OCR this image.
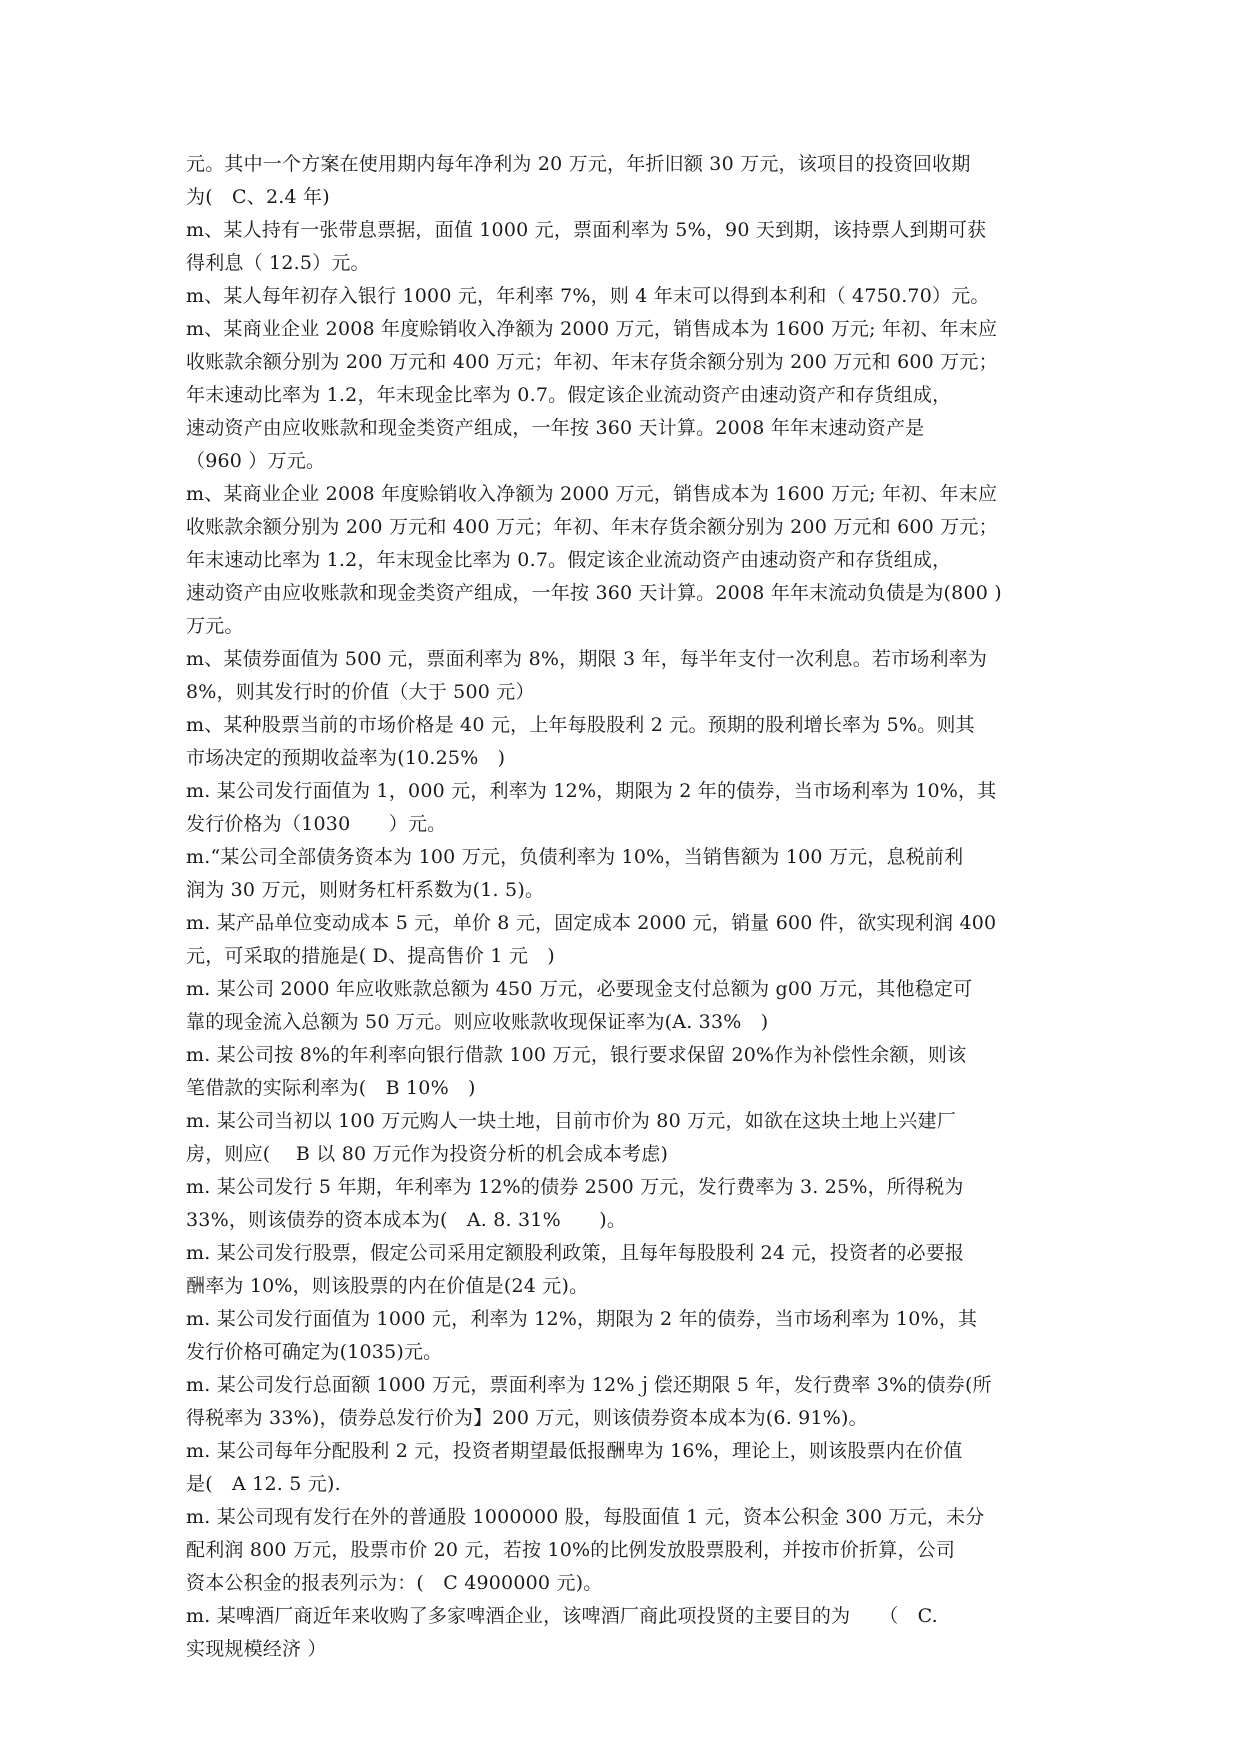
元。其中一个方案在使用期内每年净利为 20 万元，年折旧额 30 万元，该项目的投资回收期
为(　C、2.4 年)
m、某人持有一张带息票据，面值 1000 元，票面利率为 5%，90 天到期，该持票人到期可获
得利息（ 12.5）元。
m、某人每年初存入银行 1000 元，年利率 7%，则 4 年末可以得到本利和（ 4750.70）元。
m、某商业企业 2008 年度赊销收入净额为 2000 万元，销售成本为 1600 万元; 年初、年末应
收账款余额分别为 200 万元和 400 万元；年初、年末存货余额分别为 200 万元和 600 万元；
年末速动比率为 1.2，年末现金比率为 0.7。假定该企业流动资产由速动资产和存货组成，
速动资产由应收账款和现金类资产组成，一年按 360 天计算。2008 年年末速动资产是
（960 ）万元。
m、某商业企业 2008 年度赊销收入净额为 2000 万元，销售成本为 1600 万元; 年初、年末应
收账款余额分别为 200 万元和 400 万元；年初、年末存货余额分别为 200 万元和 600 万元；
年末速动比率为 1.2，年末现金比率为 0.7。假定该企业流动资产由速动资产和存货组成，
速动资产由应收账款和现金类资产组成，一年按 360 天计算。2008 年年末流动负债是为(800 )
万元。
m、某债券面值为 500 元，票面利率为 8%，期限 3 年，每半年支付一次利息。若市场利率为
8%，则其发行时的价值（大于 500 元）
m、某种股票当前的市场价格是 40 元，上年每股股利 2 元。预期的股利增长率为 5%。则其
市场决定的预期收益率为(10.25%　)
m. 某公司发行面值为 1，000 元，利率为 12%，期限为 2 年的债券，当市场利率为 10%，其
发行价格为（1030　　）元。
m.“某公司全部债务资本为 100 万元，负债利率为 10%，当销售额为 100 万元，息税前利
润为 30 万元，则财务杠杆系数为(1. 5)。
m. 某产品单位变动成本 5 元，单价 8 元，固定成本 2000 元，销量 600 件，欲实现利润 400
元，可采取的措施是( D、提高售价 1 元　)
m. 某公司 2000 年应收账款总额为 450 万元，必要现金支付总额为 g00 万元，其他稳定可
靠的现金流入总额为 50 万元。则应收账款收现保证率为(A. 33%　)
m. 某公司按 8%的年利率向银行借款 100 万元，银行要求保留 20%作为补偿性余额，则该
笔借款的实际利率为(　B 10%　)
m. 某公司当初以 100 万元购人一块土地，目前市价为 80 万元，如欲在这块土地上兴建厂
房，则应(　 B 以 80 万元作为投资分析的机会成本考虑)
m. 某公司发行 5 年期，年利率为 12%的债券 2500 万元，发行费率为 3. 25%，所得税为
33%，则该债券的资本成本为(　A. 8. 31%　　)。
m. 某公司发行股票，假定公司采用定额股利政策，且每年每股股利 24 元，投资者的必要报
酬率为 10%，则该股票的内在价值是(24 元)。
m. 某公司发行面值为 1000 元，利率为 12%，期限为 2 年的债券，当市场利率为 10%，其
发行价格可确定为(1035)元。
m. 某公司发行总面额 1000 万元，票面利率为 12%ｊ偿还期限 5 年，发行费率 3%的债券(所
得税率为 33%)，债券总发行价为】200 万元，则该债券资本成本为(6. 91%)。
m. 某公司每年分配股利 2 元，投资者期望最低报酬卑为 16%，理论上，则该股票内在价值
是(　A 12. 5 元).
m. 某公司现有发行在外的普通股 1000000 股，每股面值 1 元，资本公积金 300 万元，未分
配利润 800 万元，股票市价 20 元，若按 10%的比例发放股票股利，并按市价折算，公司
资本公积金的报表列示为：(　C 4900000 元)。
m. 某啤酒厂商近年来收购了多家啤酒企业，该啤酒厂商此项投贤的主要目的为　　（　C.
实现规模经济 ）
